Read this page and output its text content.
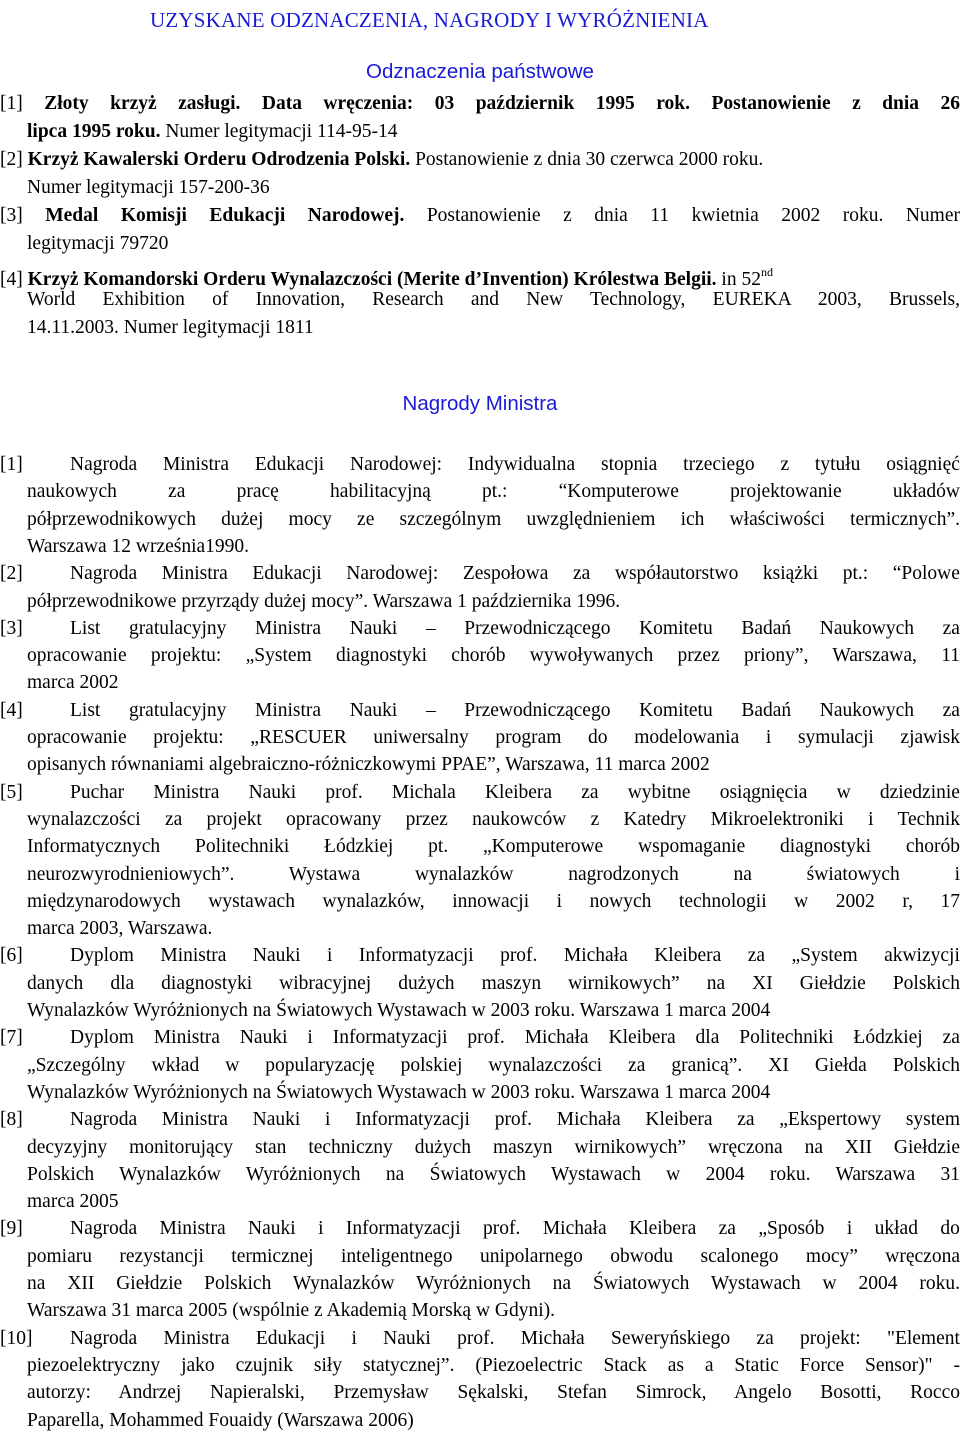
UZYSKANE ODZNACZENIA, NAGRODY I WYRÓŻNIENIA
Odznaczenia państwowe
[1] Złoty krzyż zasługi. Data wręczenia: 03 październik 1995 rok. Postanowienie z dnia 26
lipca 1995 roku. Numer legitymacji 114-95-14
[2] Krzyż Kawalerski Orderu Odrodzenia Polski. Postanowienie z dnia 30 czerwca 2000 roku.
Numer legitymacji 157-200-36
[3] Medal Komisji Edukacji Narodowej. Postanowienie z dnia 11 kwietnia 2002 roku. Numer
legitymacji 79720
[4] Krzyż Komandorski Orderu Wynalazczości (Merite d’Invention) Królestwa Belgii. in 52nd
World Exhibition of Innovation, Research and New Technology, EUREKA 2003, Brussels,
14.11.2003. Numer legitymacji 1811
Nagrody Ministra
[1]	Nagroda Ministra Edukacji Narodowej: Indywidualna stopnia trzeciego z tytułu osiągnięć
naukowych za pracę habilitacyjną pt.: “Komputerowe projektowanie układów
półprzewodnikowych dużej mocy ze szczególnym uwzględnieniem ich właściwości termicznych”.
Warszawa 12 września1990.
[2]	Nagroda Ministra Edukacji Narodowej: Zespołowa za współautorstwo książki pt.: “Polowe
półprzewodnikowe przyrządy dużej mocy”. Warszawa 1 października 1996.
[3]	List gratulacyjny Ministra Nauki – Przewodniczącego Komitetu Badań Naukowych za
opracowanie projektu: „System diagnostyki chorób wywoływanych przez priony”, Warszawa, 11
marca 2002
[4]	List gratulacyjny Ministra Nauki – Przewodniczącego Komitetu Badań Naukowych za
opracowanie projektu: „RESCUER uniwersalny program do modelowania i symulacji zjawisk
opisanych równaniami algebraiczno-różniczkowymi PPAE”, Warszawa, 11 marca 2002
[5]	Puchar Ministra Nauki prof. Michala Kleibera za wybitne osiągnięcia w dziedzinie
wynalazczości za projekt opracowany przez naukowców z Katedry Mikroelektroniki i Technik
Informatycznych Politechniki Łódzkiej pt. „Komputerowe wspomaganie diagnostyki chorób
neurozwyrodnieniowych”. Wystawa wynalazków nagrodzonych na światowych i
międzynarodowych wystawach wynalazków, innowacji i nowych technologii w 2002 r, 17
marca 2003, Warszawa.
[6]	Dyplom Ministra Nauki i Informatyzacji prof. Michała Kleibera za „System akwizycji
danych dla diagnostyki wibracyjnej dużych maszyn wirnikowych” na XI Giełdzie Polskich
Wynalazków Wyróżnionych na Światowych Wystawach w 2003 roku. Warszawa 1 marca 2004
[7]	Dyplom Ministra Nauki i Informatyzacji prof. Michała Kleibera dla Politechniki Łódzkiej za
„Szczególny wkład w popularyzację polskiej wynalazczości za granicą”. XI Giełda Polskich
Wynalazków Wyróżnionych na Światowych Wystawach w 2003 roku. Warszawa 1 marca 2004
[8]	Nagroda Ministra Nauki i Informatyzacji prof. Michała Kleibera za „Ekspertowy system
decyzyjny monitorujący stan techniczny dużych maszyn wirnikowych” wręczona na XII Giełdzie
Polskich Wynalazków Wyróżnionych na Światowych Wystawach w 2004 roku. Warszawa 31
marca 2005
[9]	Nagroda Ministra Nauki i Informatyzacji prof. Michała Kleibera za „Sposób i układ do
pomiaru rezystancji termicznej inteligentnego unipolarnego obwodu scalonego mocy” wręczona
na XII Giełdzie Polskich Wynalazków Wyróżnionych na Światowych Wystawach w 2004 roku.
Warszawa 31 marca 2005 (wspólnie z Akademią Morską w Gdyni).
[10]	Nagroda Ministra Edukacji i Nauki prof. Michała Seweryńskiego za projekt: "Element
piezoelektryczny jako czujnik siły statycznej”. (Piezoelectric Stack as a Static Force Sensor)" -
autorzy: Andrzej Napieralski, Przemysław Sękalski, Stefan Simrock, Angelo Bosotti, Rocco
Paparella, Mohammed Fouaidy (Warszawa 2006)
